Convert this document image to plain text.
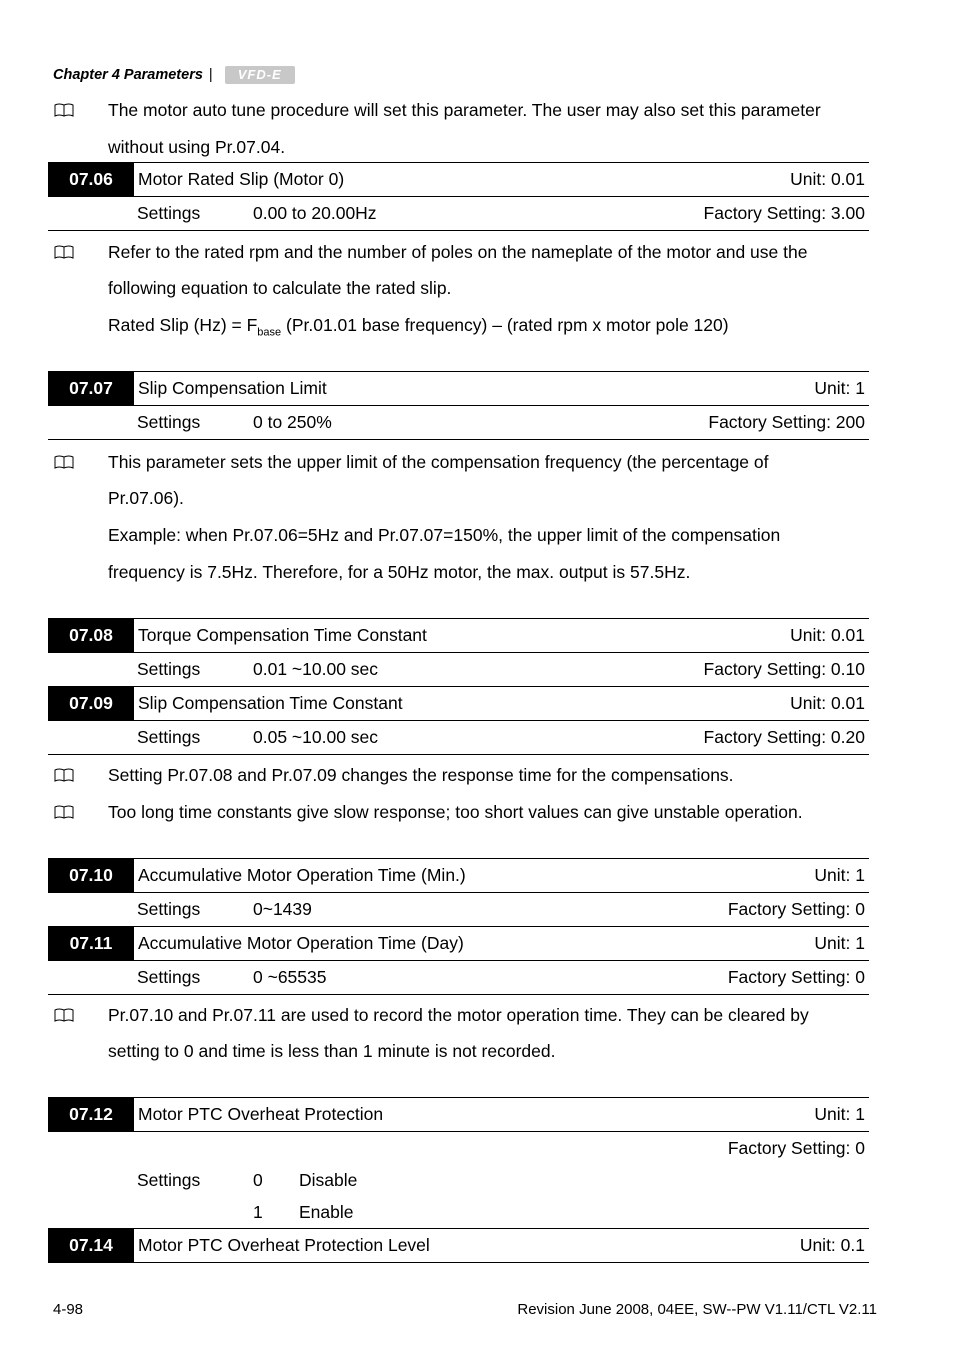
Chapter 4 Parameters |	VFD-E
The motor auto tune procedure will set this parameter. The user may also set this parameter
without using Pr.07.04.
07.06	Motor Rated Slip (Motor 0)	Unit: 0.01
Settings	0.00 to 20.00Hz	Factory Setting: 3.00
Refer to the rated rpm and the number of poles on the nameplate of the motor and use the
following equation to calculate the rated slip.
Rated Slip $(Hz) = F_{base}$ (Pr.01.01 base frequency) – (rated rpm x motor pole 120)
07.07	Slip Compensation Limit	Unit: 1
Settings	0 to 250%	Factory Setting: 200
This parameter sets the upper limit of the compensation frequency (the percentage of
Pr.07.06).
Example: when Pr.07.06=5Hz and Pr.07.07=150%, the upper limit of the compensation
frequency is 7.5Hz. Therefore, for a 50Hz motor, the max. output is 57.5Hz.
07.08	Torque Compensation Time Constant	Unit: 0.01
Settings	0.01 ~10.00 sec	Factory Setting: 0.10
07.09	Slip Compensation Time Constant	Unit: 0.01
Settings	0.05 ~10.00 sec	Factory Setting: 0.20
Setting Pr.07.08 and Pr.07.09 changes the response time for the compensations.
Too long time constants give slow response; too short values can give unstable operation.
07.10	Accumulative Motor Operation Time (Min.)	Unit: 1
Settings	0~1439	Factory Setting: 0
07.11	Accumulative Motor Operation Time (Day)	Unit: 1
Settings	0 ~65535	Factory Setting: 0
Pr.07.10 and Pr.07.11 are used to record the motor operation time. They can be cleared by
setting to 0 and time is less than 1 minute is not recorded.
07.12	Motor PTC Overheat Protection	Unit: 1
Factory Setting: 0
Settings	0 Disable
1 Enable
07.14	Motor PTC Overheat Protection Level	Unit: 0.1
4-98	Revision June 2008, 04EE, SW--PW V1.11/CTL V2.11
